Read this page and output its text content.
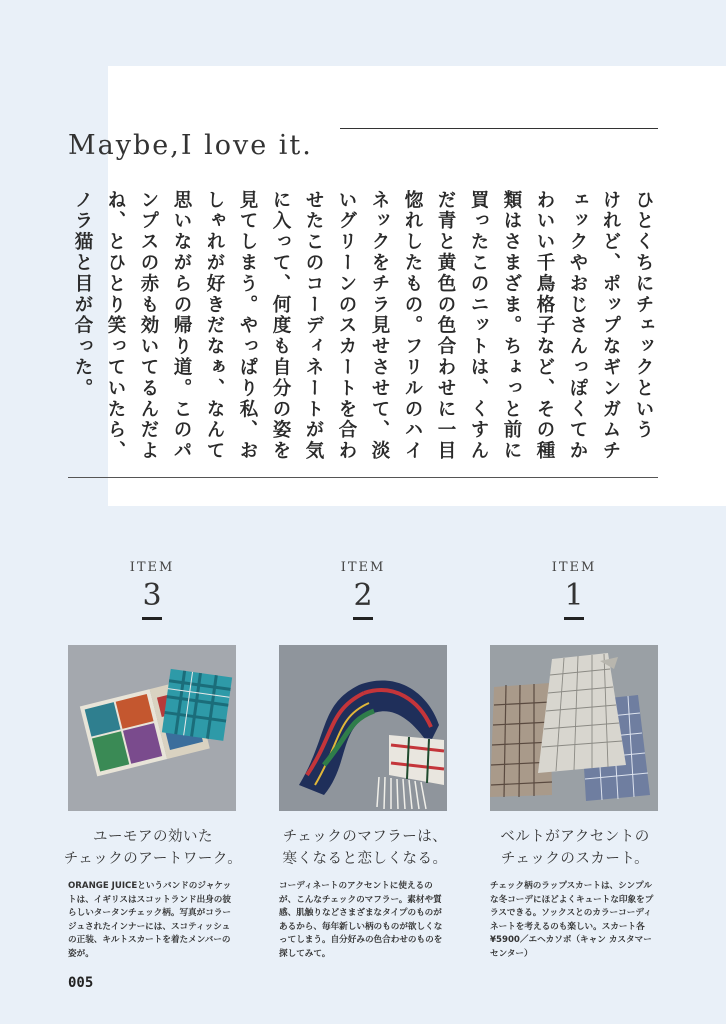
Maybe,I love it.
ひとくちにチェックという
けれど、ポップなギンガムチ
ェックやおじさんっぽくてか
わいい千鳥格子など、その種
類はさまざま。ちょっと前に
買ったこのニットは、くすん
だ青と黄色の色合わせに一目
惚れしたもの。フリルのハイ
ネックをチラ見せさせて、淡
いグリーンのスカートを合わ
せたこのコーディネートが気
に入って、何度も自分の姿を
見てしまう。やっぱり私、お
しゃれが好きだなぁ、なんて
思いながらの帰り道。このパ
ンプスの赤も効いてるんだよ
ね、とひとり笑っていたら、
ノラ猫と目が合った。
ITEM
3
ユーモアの効いた
チェックのアートワーク。
ORANGE JUICEというバンドのジャケットは、イギリスはスコットランド出身の彼らしいタータンチェック柄。写真がコラージュされたインナーには、スコティッシュの正装、キルトスカートを着たメンバーの姿が。
ITEM
2
チェックのマフラーは、
寒くなると恋しくなる。
コーディネートのアクセントに使えるのが、こんなチェックのマフラー。素材や質感、肌触りなどさまざまなタイプのものがあるから、毎年新しい柄のものが欲しくなってしまう。自分好みの色合わせのものを探してみて。
ITEM
1
ベルトがアクセントの
チェックのスカート。
チェック柄のラップスカートは、シンプルな冬コーデにほどよくキュートな印象をプラスできる。ソックスとのカラーコーディネートを考えるのも楽しい。スカート各¥5900／エヘカソポ（キャン カスタマーセンター）
005
